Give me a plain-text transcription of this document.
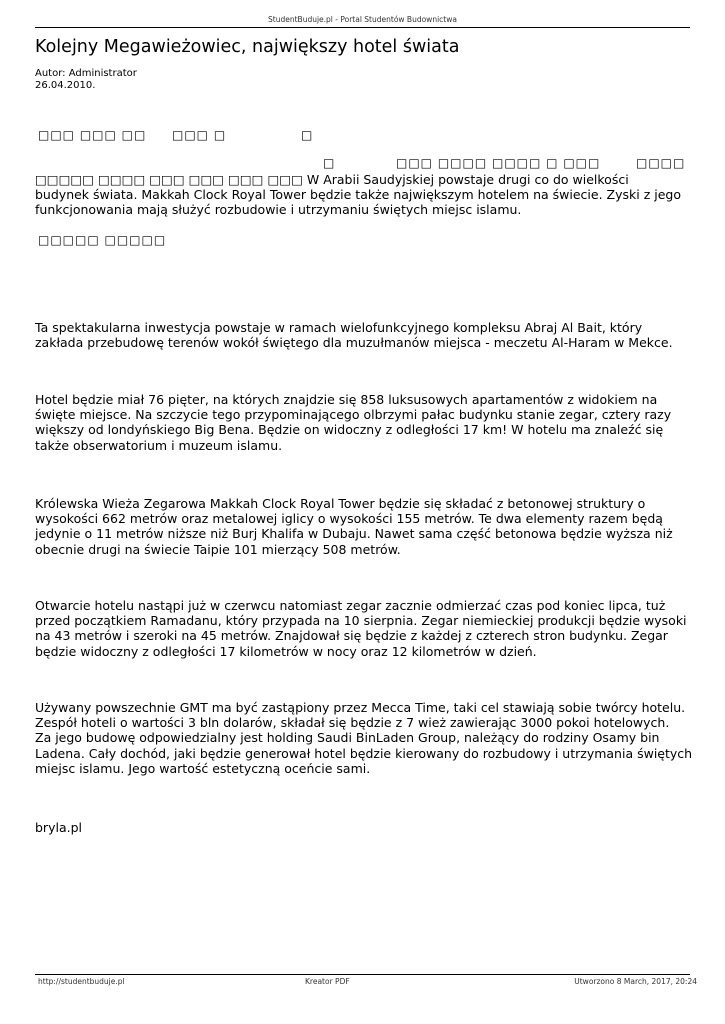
StudentBuduje.pl - Portal Studentów Budownictwa
Kolejny Megawieżowiec, największy hotel świata
Autor: Administrator
26.04.2010.
□□□ □□□ □□ □□□ □	□
□	□□□ □□□□ □□□□ □ □□□	□□□□
□□□□□ □□□□ □□□ □□□ □□□ □□□ W Arabii Saudyjskiej powstaje drugi co do wielkości
budynek świata. Makkah Clock Royal Tower będzie także największym hotelem na świecie. Zyski z jego
funkcjonowania mają służyć rozbudowie i utrzymaniu świętych miejsc islamu.
□□□□□ □□□□□
Ta spektakularna inwestycja powstaje w ramach wielofunkcyjnego kompleksu Abraj Al Bait, który
zakłada przebudowę terenów wokół świętego dla muzułmanów miejsca - meczetu Al-Haram w Mekce.
Hotel będzie miał 76 pięter, na których znajdzie się 858 luksusowych apartamentów z widokiem na
święte miejsce. Na szczycie tego przypominającego olbrzymi pałac budynku stanie zegar, cztery razy
większy od londyńskiego Big Bena. Będzie on widoczny z odległości 17 km! W hotelu ma znaleźć się
także obserwatorium i muzeum islamu.
Królewska Wieża Zegarowa Makkah Clock Royal Tower będzie się składać z betonowej struktury o
wysokości 662 metrów oraz metalowej iglicy o wysokości 155 metrów. Te dwa elementy razem będą
jedynie o 11 metrów niższe niż Burj Khalifa w Dubaju. Nawet sama część betonowa będzie wyższa niż
obecnie drugi na świecie Taipie 101 mierzący 508 metrów.
Otwarcie hotelu nastąpi już w czerwcu natomiast zegar zacznie odmierzać czas pod koniec lipca, tuż
przed początkiem Ramadanu, który przypada na 10 sierpnia. Zegar niemieckiej produkcji będzie wysoki
na 43 metrów i szeroki na 45 metrów. Znajdował się będzie z każdej z czterech stron budynku. Zegar
będzie widoczny z odległości 17 kilometrów w nocy oraz 12 kilometrów w dzień.
Używany powszechnie GMT ma być zastąpiony przez Mecca Time, taki cel stawiają sobie twórcy hotelu.
Zespół hoteli o wartości 3 bln dolarów, składał się będzie z 7 wież zawierając 3000 pokoi hotelowych.
Za jego budowę odpowiedzialny jest holding Saudi BinLaden Group, należący do rodziny Osamy bin
Ladena. Cały dochód, jaki będzie generował hotel będzie kierowany do rozbudowy i utrzymania świętych
miejsc islamu. Jego wartość estetyczną oceńcie sami.
bryla.pl
http://studentbuduje.pl	Kreator PDF	Utworzono 8 March, 2017, 20:24
